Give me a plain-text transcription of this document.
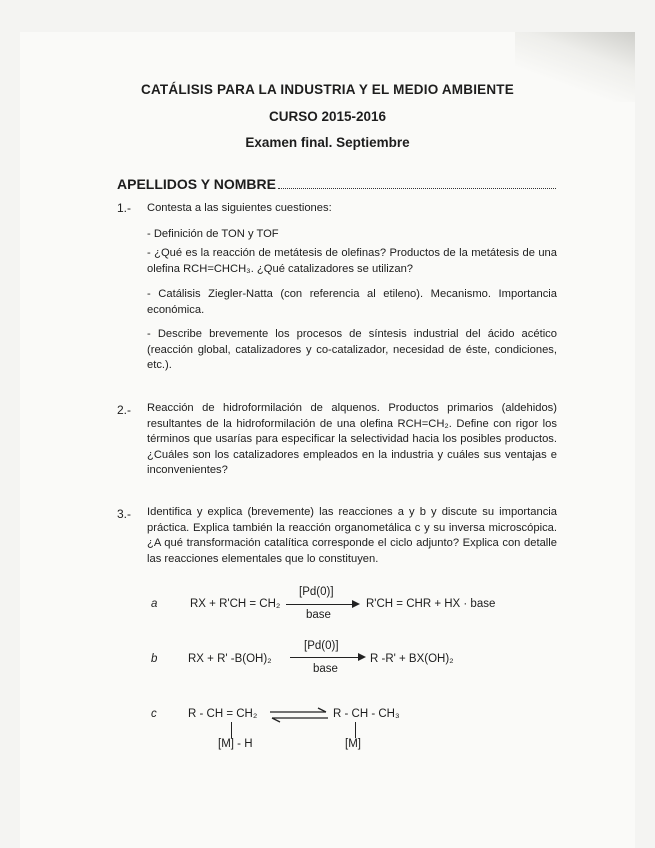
CATÁLISIS PARA LA INDUSTRIA Y EL MEDIO AMBIENTE
CURSO 2015-2016
Examen final. Septiembre
APELLIDOS Y NOMBRE
1.- Contesta a las siguientes cuestiones:
- Definición de TON y TOF
- ¿Qué es la reacción de metátesis de olefinas? Productos de la metátesis de una olefina RCH=CHCH₃. ¿Qué catalizadores se utilizan?
- Catálisis Ziegler-Natta (con referencia al etileno). Mecanismo. Importancia económica.
- Describe brevemente los procesos de síntesis industrial del ácido acético (reacción global, catalizadores y co-catalizador, necesidad de éste, condiciones, etc.).
2.- Reacción de hidroformilación de alquenos. Productos primarios (aldehidos) resultantes de la hidroformilación de una olefina RCH=CH₂. Define con rigor los términos que usarías para especificar la selectividad hacia los posibles productos. ¿Cuáles son los catalizadores empleados en la industria y cuáles sus ventajas e inconvenientes?
3.- Identifica y explica (brevemente) las reacciones a y b y discute su importancia práctica. Explica también la reacción organometálica c y su inversa microscópica. ¿A qué transformación catalítica corresponde el ciclo adjunto? Explica con detalle las reacciones elementales que lo constituyen.
a	RX + R'CH = CH₂
[Pd(0)]
base
R'CH = CHR + HX · base
b	RX + R' -B(OH)₂
[Pd(0)]
base
R -R' + BX(OH)₂
c	R - CH = CH₂
[M] - H
⇌ R - CH - CH₃
[M]
